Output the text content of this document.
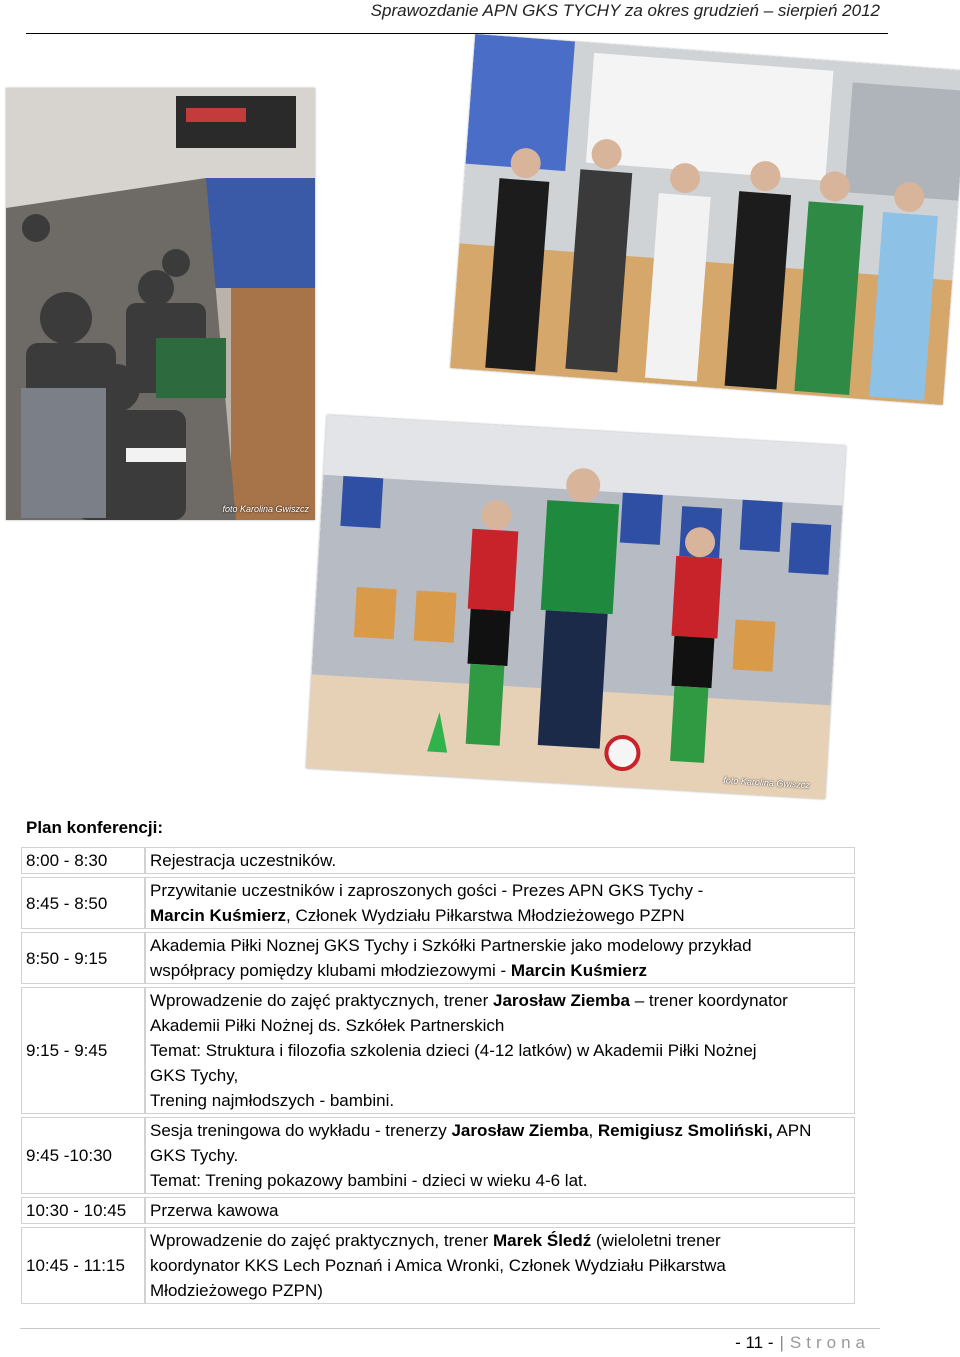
Sprawozdanie APN GKS TYCHY za okres grudzień – sierpień 2012
foto Karolina Gwiszcz
foto Karolina Gwiszcz
Plan konferencji:
8:00 - 8:30	Rejestracja uczestników.

8:45 - 8:50	Przywitanie uczestników i zaproszonych gości - Prezes APN GKS Tychy -
Marcin Kuśmierz, Członek Wydziału Piłkarstwa Młodzieżowego PZPN

8:50 - 9:15	Akademia Piłki Noznej GKS Tychy i Szkółki Partnerskie jako modelowy przykład
współpracy pomiędzy klubami młodziezowymi - Marcin Kuśmierz

9:15 - 9:45	Wprowadzenie do zajęć praktycznych, trener Jarosław Ziemba – trener koordynator
Akademii Piłki Nożnej ds. Szkółek Partnerskich
Temat: Struktura i filozofia szkolenia dzieci (4-12 latków) w Akademii Piłki Nożnej
GKS Tychy,
Trening najmłodszych - bambini.

9:45 -10:30	Sesja treningowa do wykładu - trenerzy Jarosław Ziemba, Remigiusz Smoliński, APN
GKS Tychy.
Temat: Trening pokazowy bambini - dzieci w wieku 4-6 lat.

10:30 - 10:45	Przerwa kawowa

10:45 - 11:15	Wprowadzenie do zajęć praktycznych, trener Marek Śledź (wieloletni trener
koordynator KKS Lech Poznań i Amica Wronki, Członek Wydziału Piłkarstwa
Młodzieżowego PZPN)
- 11 - | Strona
